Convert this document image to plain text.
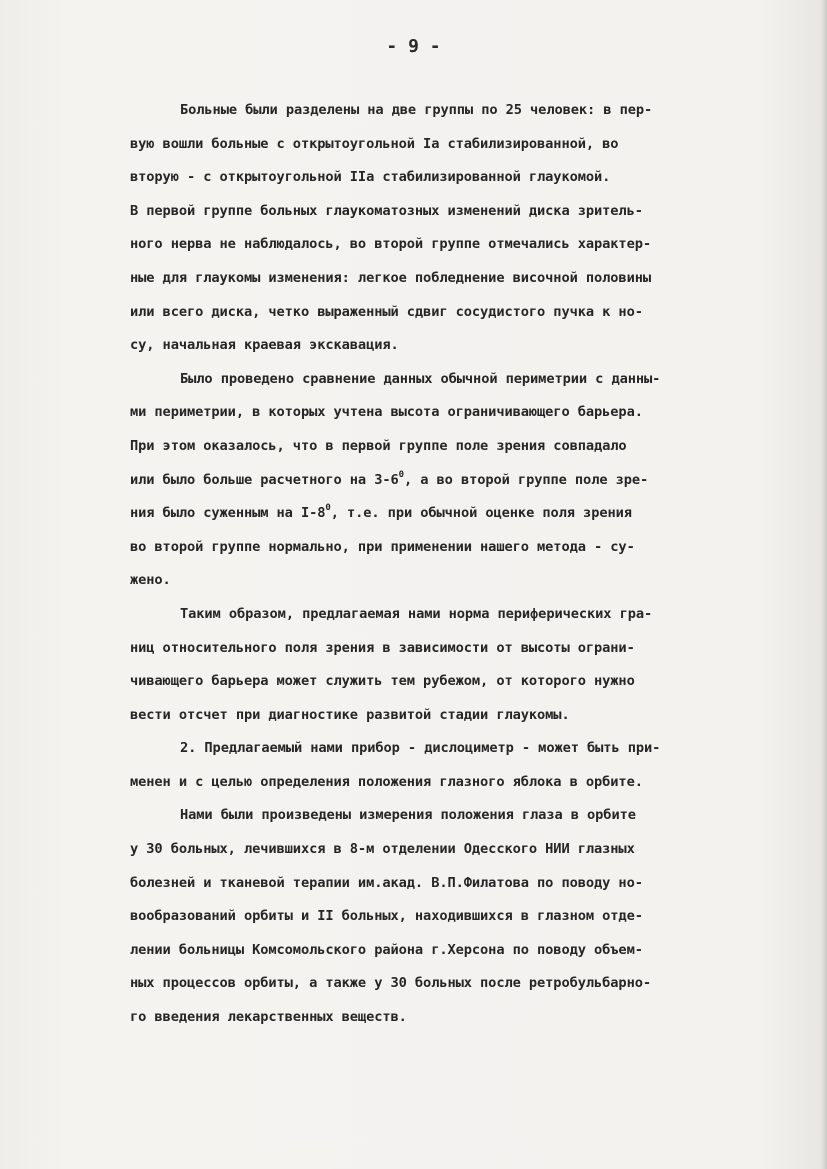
- 9 -
Больные были разделены на две группы по 25 человек: в пер-
вую вошли больные с открытоугольной Iа стабилизированной, во
вторую - с открытоугольной IIа стабилизированной глаукомой.
В первой группе больных глаукоматозных изменений диска зритель-
ного нерва не наблюдалось, во второй группе отмечались характер-
ные для глаукомы изменения: легкое побледнение височной половины
или всего диска, четко выраженный сдвиг сосудистого пучка к но-
су, начальная краевая экскавация.
Было проведено сравнение данных обычной периметрии с данны-
ми периметрии, в которых учтена высота ограничивающего барьера.
При этом оказалось, что в первой группе поле зрения совпадало
или было больше расчетного на $3-6^0$, а во второй группе поле зре-
ния было суженным на $I-8^0$, т.е. при обычной оценке поля зрения
во второй группе нормально, при применении нашего метода - су-
жено.
Таким образом, предлагаемая нами норма периферических гра-
ниц относительного поля зрения в зависимости от высоты ограни-
чивающего барьера может служить тем рубежом, от которого нужно
вести отсчет при диагностике развитой стадии глаукомы.
2. Предлагаемый нами прибор - дислоциметр - может быть при-
менен и с целью определения положения глазного яблока в орбите.
Нами были произведены измерения положения глаза в орбите
у 30 больных, лечившихся в 8-м отделении Одесского НИИ глазных
болезней и тканевой терапии им.акад. В.П.Филатова по поводу но-
вообразований орбиты и II больных, находившихся в глазном отде-
лении больницы Комсомольского района г.Херсона по поводу объем-
ных процессов орбиты, а также у 30 больных после ретробульбарно-
го введения лекарственных веществ.
